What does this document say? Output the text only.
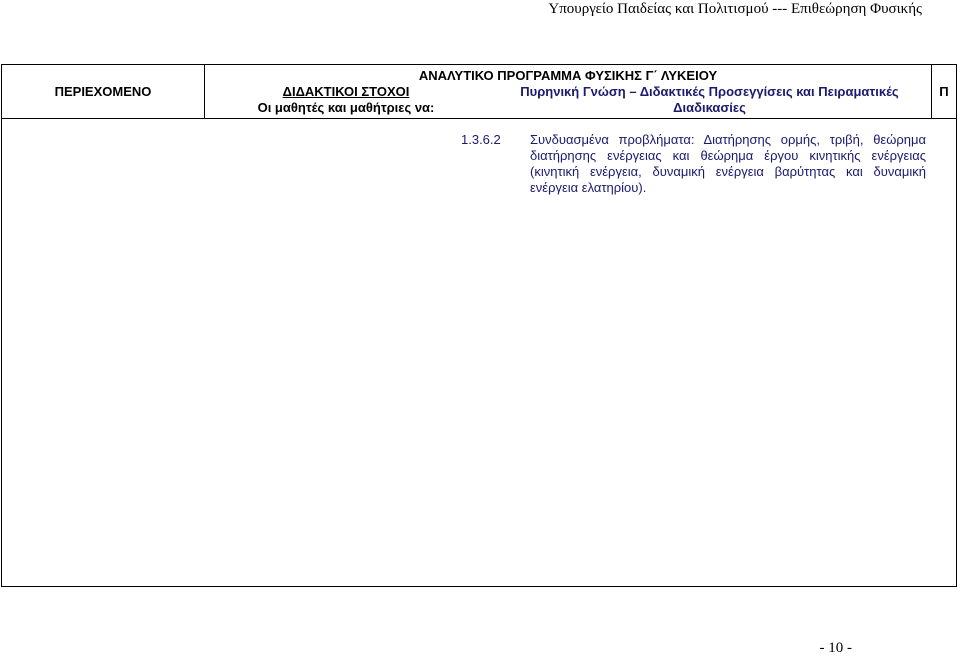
Υπουργείο Παιδείας και Πολιτισμού --- Επιθεώρηση Φυσικής
ΠΕΡΙΕΧΟΜΕΝΟ
ΑΝΑΛΥΤΙΚΟ ΠΡΟΓΡΑΜΜΑ ΦΥΣΙΚΗΣ Γ΄ ΛΥΚΕΙΟΥ
ΔΙΔΑΚΤΙΚΟΙ ΣΤΟΧΟΙ
Οι μαθητές και μαθήτριες να:
Πυρηνική Γνώση – Διδακτικές Προσεγγίσεις και Πειραματικές Διαδικασίες
Π
1.3.6.2 Συνδυασμένα προβλήματα: Διατήρησης ορμής, τριβή, θεώρημα διατήρησης ενέργειας και θεώρημα έργου κινητικής ενέργειας (κινητική ενέργεια, δυναμική ενέργεια βαρύτητας και δυναμική ενέργεια ελατηρίου).
- 10 -
